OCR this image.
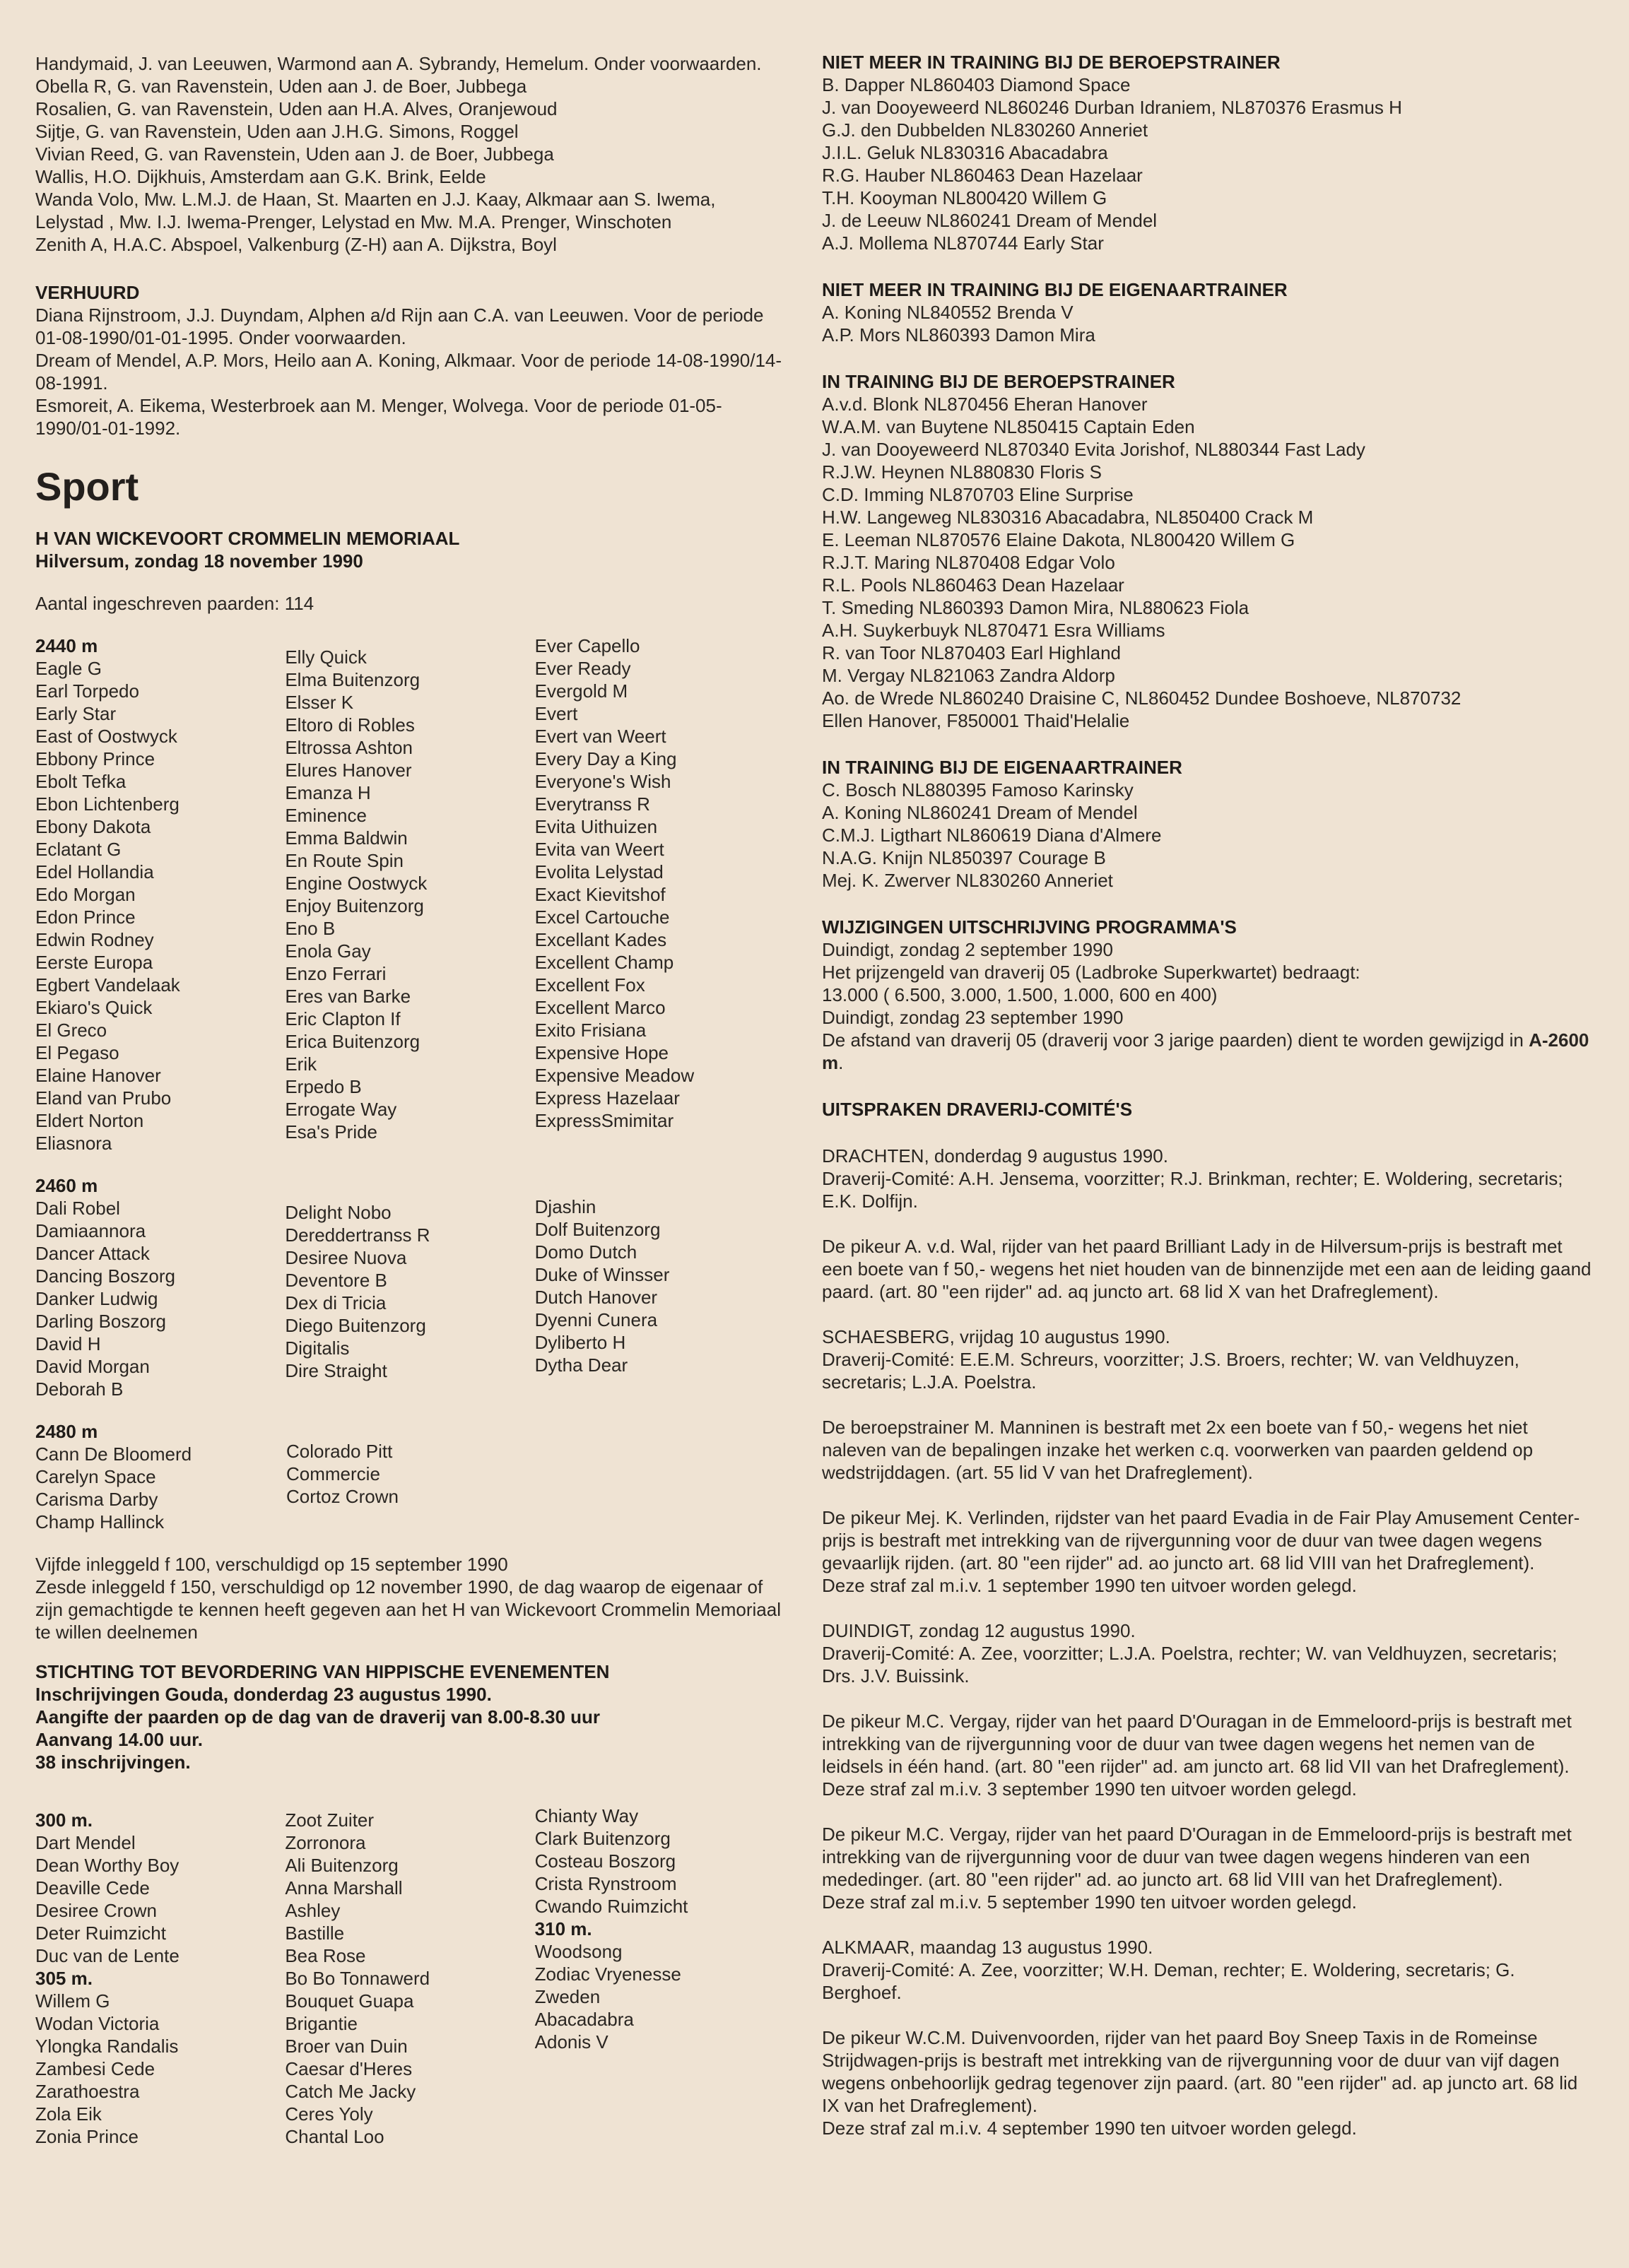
Handymaid, J. van Leeuwen, Warmond aan A. Sybrandy, Hemelum. Onder voorwaarden.

Obella R, G. van Ravenstein, Uden aan J. de Boer, Jubbega

Rosalien, G. van Ravenstein, Uden aan H.A. Alves, Oranjewoud

Sijtje, G. van Ravenstein, Uden aan J.H.G. Simons, Roggel

Vivian Reed, G. van Ravenstein, Uden aan J. de Boer, Jubbega

Wallis, H.O. Dijkhuis, Amsterdam aan G.K. Brink, Eelde

Wanda Volo, Mw. L.M.J. de Haan, St. Maarten en J.J. Kaay, Alkmaar aan S. Iwema, Lelystad , Mw. I.J. Iwema-Prenger, Lelystad en Mw. M.A. Prenger, Winschoten

Zenith A, H.A.C. Abspoel, Valkenburg (Z-H) aan A. Dijkstra, Boyl

VERHUURD

Diana Rijnstroom, J.J. Duyndam, Alphen a/d Rijn aan C.A. van Leeuwen. Voor de periode 01-08-1990/01-01-1995. Onder voorwaarden.

Dream of Mendel, A.P. Mors, Heilo aan A. Koning, Alkmaar. Voor de periode 14-08-1990/14-08-1991.

Esmoreit, A. Eikema, Westerbroek aan M. Menger, Wolvega. Voor de periode 01-05-1990/01-01-1992.

Sport

H VAN WICKEVOORT CROMMELIN MEMORIAAL

Hilversum, zondag 18 november 1990

Aantal ingeschreven paarden: 114

2440 m

Eagle G

Earl Torpedo

Early Star

East of Oostwyck

Ebbony Prince

Ebolt Tefka

Ebon Lichtenberg

Ebony Dakota

Eclatant G

Edel Hollandia

Edo Morgan

Edon Prince

Edwin Rodney

Eerste Europa

Egbert Vandelaak

Ekiaro's Quick

El Greco

El Pegaso

Elaine Hanover

Eland van Prubo

Eldert Norton

Eliasnora

Elly Quick

Elma Buitenzorg

Elsser K

Eltoro di Robles

Eltrossa Ashton

Elures Hanover

Emanza H

Eminence

Emma Baldwin

En Route Spin

Engine Oostwyck

Enjoy Buitenzorg

Eno B

Enola Gay

Enzo Ferrari

Eres van Barke

Eric Clapton If

Erica Buitenzorg

Erik

Erpedo B

Errogate Way

Esa's Pride

Ever Capello

Ever Ready

Evergold M

Evert

Evert van Weert

Every Day a King

Everyone's Wish

Everytranss R

Evita Uithuizen

Evita van Weert

Evolita Lelystad

Exact Kievitshof

Excel Cartouche

Excellant Kades

Excellent Champ

Excellent Fox

Excellent Marco

Exito Frisiana

Expensive Hope

Expensive Meadow

Express Hazelaar

ExpressSmimitar

2460 m

Dali Robel

Damiaannora

Dancer Attack

Dancing Boszorg

Danker Ludwig

Darling Boszorg

David H

David Morgan

Deborah B

Delight Nobo

Dereddertranss R

Desiree Nuova

Deventore B

Dex di Tricia

Diego Buitenzorg

Digitalis

Dire Straight

Djashin

Dolf Buitenzorg

Domo Dutch

Duke of Winsser

Dutch Hanover

Dyenni Cunera

Dyliberto H

Dytha Dear

2480 m

Cann De Bloomerd

Carelyn Space

Carisma Darby

Champ Hallinck

Colorado Pitt

Commercie

Cortoz Crown

Vijfde inleggeld f 100, verschuldigd op 15 september 1990

Zesde inleggeld f 150, verschuldigd op 12 november 1990, de dag waarop de eigenaar of zijn gemachtigde te kennen heeft gegeven aan het H van Wickevoort Crommelin Memoriaal te willen deelnemen

STICHTING TOT BEVORDERING VAN HIPPISCHE EVENEMENTEN

Inschrijvingen Gouda, donderdag 23 augustus 1990.

Aangifte der paarden op de dag van de draverij van 8.00-8.30 uur

Aanvang 14.00 uur.

38 inschrijvingen.

300 m.

Dart Mendel

Dean Worthy Boy

Deaville Cede

Desiree Crown

Deter Ruimzicht

Duc van de Lente

305 m.

Willem G

Wodan Victoria

Ylongka Randalis

Zambesi Cede

Zarathoestra

Zola Eik

Zonia Prince

Zoot Zuiter

Zorronora

Ali Buitenzorg

Anna Marshall

Ashley

Bastille

Bea Rose

Bo Bo Tonnawerd

Bouquet Guapa

Brigantie

Broer van Duin

Caesar d'Heres

Catch Me Jacky

Ceres Yoly

Chantal Loo

Chianty Way

Clark Buitenzorg

Costeau Boszorg

Crista Rynstroom

Cwando Ruimzicht

310 m.

Woodsong

Zodiac Vryenesse

Zweden

Abacadabra

Adonis V

NIET MEER IN TRAINING BIJ DE BEROEPSTRAINER

B. Dapper NL860403 Diamond Space

J. van Dooyeweerd NL860246 Durban Idraniem, NL870376 Erasmus H

G.J. den Dubbelden NL830260 Anneriet

J.I.L. Geluk NL830316 Abacadabra

R.G. Hauber NL860463 Dean Hazelaar

T.H. Kooyman NL800420 Willem G

J. de Leeuw NL860241 Dream of Mendel

A.J. Mollema NL870744 Early Star

NIET MEER IN TRAINING BIJ DE EIGENAARTRAINER

A. Koning NL840552 Brenda V

A.P. Mors NL860393 Damon Mira

IN TRAINING BIJ DE BEROEPSTRAINER

A.v.d. Blonk NL870456 Eheran Hanover

W.A.M. van Buytene NL850415 Captain Eden

J. van Dooyeweerd NL870340 Evita Jorishof, NL880344 Fast Lady

R.J.W. Heynen NL880830 Floris S

C.D. Imming NL870703 Eline Surprise

H.W. Langeweg NL830316 Abacadabra, NL850400 Crack M

E. Leeman NL870576 Elaine Dakota, NL800420 Willem G

R.J.T. Maring NL870408 Edgar Volo

R.L. Pools NL860463 Dean Hazelaar

T. Smeding NL860393 Damon Mira, NL880623 Fiola

A.H. Suykerbuyk NL870471 Esra Williams

R. van Toor NL870403 Earl Highland

M. Vergay NL821063 Zandra Aldorp

Ao. de Wrede NL860240 Draisine C, NL860452 Dundee Boshoeve, NL870732

Ellen Hanover, F850001 Thaid'Helalie

IN TRAINING BIJ DE EIGENAARTRAINER

C. Bosch NL880395 Famoso Karinsky

A. Koning NL860241 Dream of Mendel

C.M.J. Ligthart NL860619 Diana d'Almere

N.A.G. Knijn NL850397 Courage B

Mej. K. Zwerver NL830260 Anneriet

WIJZIGINGEN UITSCHRIJVING PROGRAMMA'S

Duindigt, zondag 2 september 1990

Het prijzengeld van draverij 05 (Ladbroke Superkwartet) bedraagt:

13.000 ( 6.500, 3.000, 1.500, 1.000, 600 en 400)

Duindigt, zondag 23 september 1990

De afstand van draverij 05 (draverij voor 3 jarige paarden) dient te worden gewijzigd in A-2600 m.

UITSPRAKEN DRAVERIJ-COMITÉ'S

DRACHTEN, donderdag 9 augustus 1990.

Draverij-Comité: A.H. Jensema, voorzitter; R.J. Brinkman, rechter; E. Woldering, secretaris; E.K. Dolfijn.

De pikeur A. v.d. Wal, rijder van het paard Brilliant Lady in de Hilversum-prijs is bestraft met een boete van f 50,- wegens het niet houden van de binnenzijde met een aan de leiding gaand paard. (art. 80 "een rijder" ad. aq juncto art. 68 lid X van het Drafreglement).

SCHAESBERG, vrijdag 10 augustus 1990.

Draverij-Comité: E.E.M. Schreurs, voorzitter; J.S. Broers, rechter; W. van Veldhuyzen, secretaris; L.J.A. Poelstra.

De beroepstrainer M. Manninen is bestraft met 2x een boete van f 50,- wegens het niet naleven van de bepalingen inzake het werken c.q. voorwerken van paarden geldend op wedstrijddagen. (art. 55 lid V van het Drafreglement).

De pikeur Mej. K. Verlinden, rijdster van het paard Evadia in de Fair Play Amusement Center-prijs is bestraft met intrekking van de rijvergunning voor de duur van twee dagen wegens gevaarlijk rijden. (art. 80 "een rijder" ad. ao juncto art. 68 lid VIII van het Drafreglement).

Deze straf zal m.i.v. 1 september 1990 ten uitvoer worden gelegd.

DUINDIGT, zondag 12 augustus 1990.

Draverij-Comité: A. Zee, voorzitter; L.J.A. Poelstra, rechter; W. van Veldhuyzen, secretaris; Drs. J.V. Buissink.

De pikeur M.C. Vergay, rijder van het paard D'Ouragan in de Emmeloord-prijs is bestraft met intrekking van de rijvergunning voor de duur van twee dagen wegens het nemen van de leidsels in één hand. (art. 80 "een rijder" ad. am juncto art. 68 lid VII van het Drafreglement).

Deze straf zal m.i.v. 3 september 1990 ten uitvoer worden gelegd.

De pikeur M.C. Vergay, rijder van het paard D'Ouragan in de Emmeloord-prijs is bestraft met intrekking van de rijvergunning voor de duur van twee dagen wegens hinderen van een mededinger. (art. 80 "een rijder" ad. ao juncto art. 68 lid VIII van het Drafreglement).

Deze straf zal m.i.v. 5 september 1990 ten uitvoer worden gelegd.

ALKMAAR, maandag 13 augustus 1990.

Draverij-Comité: A. Zee, voorzitter; W.H. Deman, rechter; E. Woldering, secretaris; G. Berghoef.

De pikeur W.C.M. Duivenvoorden, rijder van het paard Boy Sneep Taxis in de Romeinse Strijdwagen-prijs is bestraft met intrekking van de rijvergunning voor de duur van vijf dagen wegens onbehoorlijk gedrag tegenover zijn paard. (art. 80 "een rijder" ad. ap juncto art. 68 lid IX van het Drafreglement).

Deze straf zal m.i.v. 4 september 1990 ten uitvoer worden gelegd.
